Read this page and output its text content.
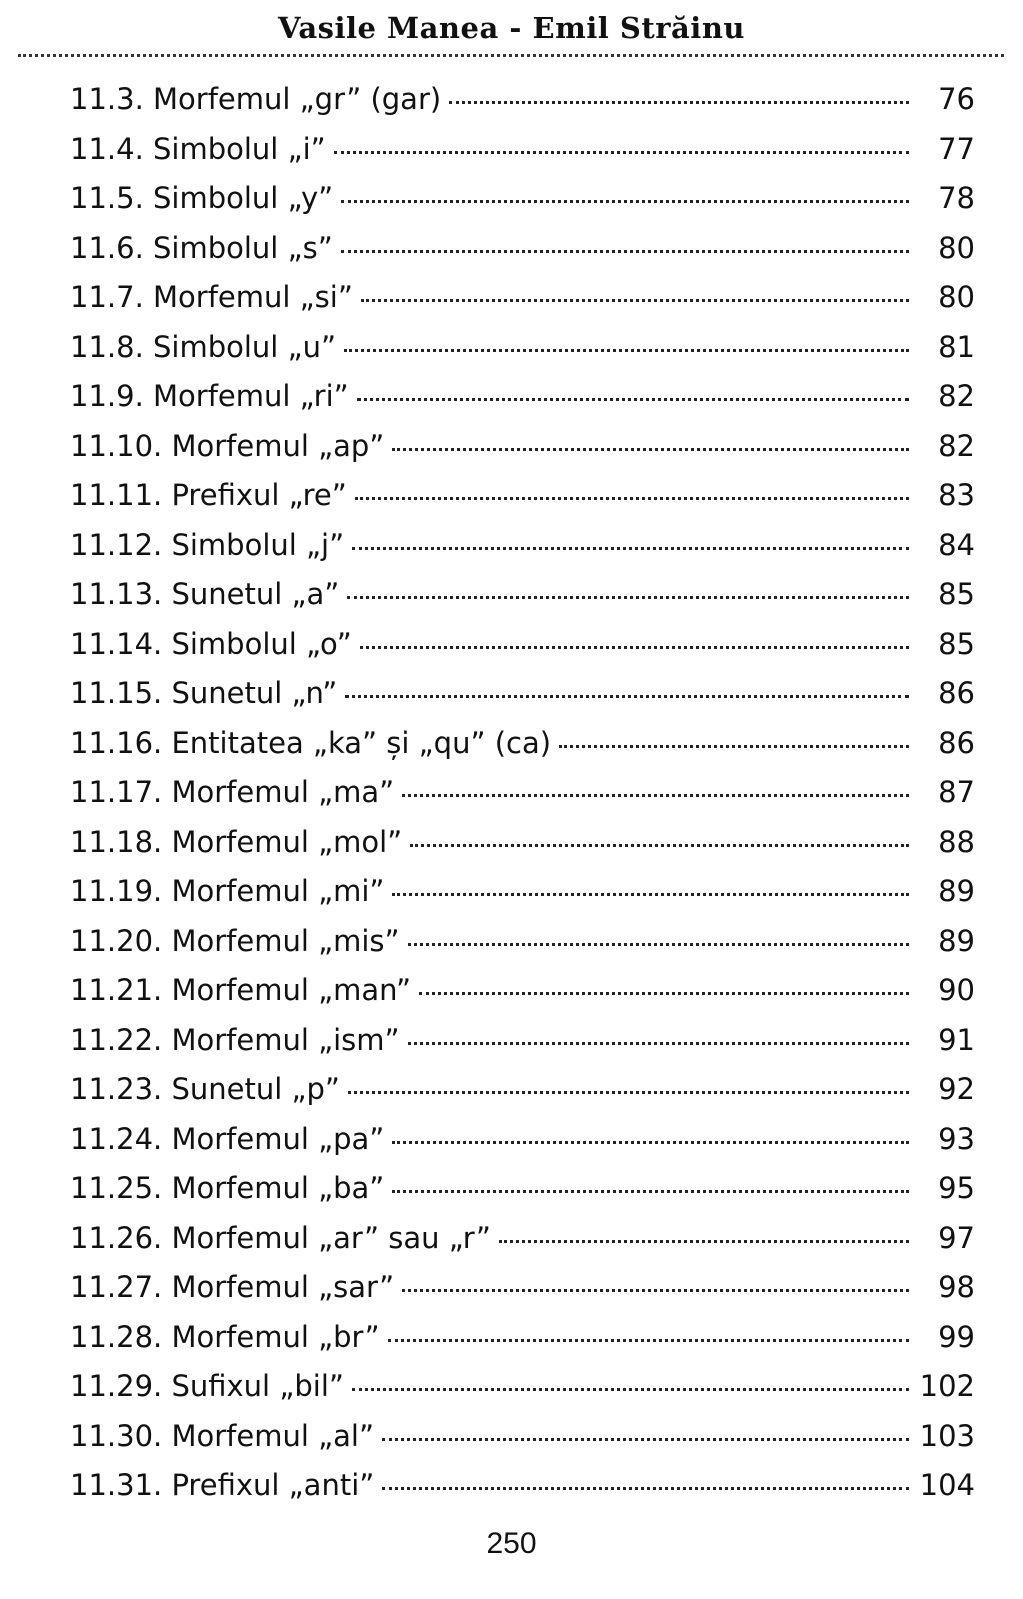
Vasile Manea - Emil Străinu
11.3. Morfemul „gr” (gar)	76
11.4. Simbolul „i”	77
11.5. Simbolul „y”	78
11.6. Simbolul „s”	80
11.7. Morfemul „si”	80
11.8. Simbolul „u”	81
11.9. Morfemul „ri”	82
11.10. Morfemul „ap”	82
11.11. Prefixul „re”	83
11.12. Simbolul „j”	84
11.13. Sunetul „a”	85
11.14. Simbolul „o”	85
11.15. Sunetul „n”	86
11.16. Entitatea „ka” și „qu” (ca)	86
11.17. Morfemul „ma”	87
11.18. Morfemul „mol”	88
11.19. Morfemul „mi”	89
11.20. Morfemul „mis”	89
11.21. Morfemul „man”	90
11.22. Morfemul „ism”	91
11.23. Sunetul „p”	92
11.24. Morfemul „pa”	93
11.25. Morfemul „ba”	95
11.26. Morfemul „ar” sau „r”	97
11.27. Morfemul „sar”	98
11.28. Morfemul „br”	99
11.29. Sufixul „bil”	102
11.30. Morfemul „al”	103
11.31. Prefixul „anti”	104
250
